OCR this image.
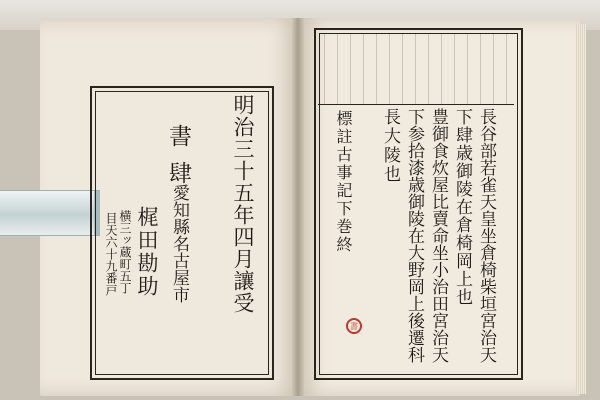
明治三十五年四月讓受
書肆
愛知縣名古屋市
梶田勘助
横三ッ蔵町五丁
目天六十九番戸	長谷部若雀天皇坐倉椅柴垣宮治天
下肆歳御陵在倉椅岡上也
豊御食炊屋比賣命坐小治田宮治天
下参拾漆歳御陵在大野岡上後遷科
長大陵也
標註古事記下巻終
書
